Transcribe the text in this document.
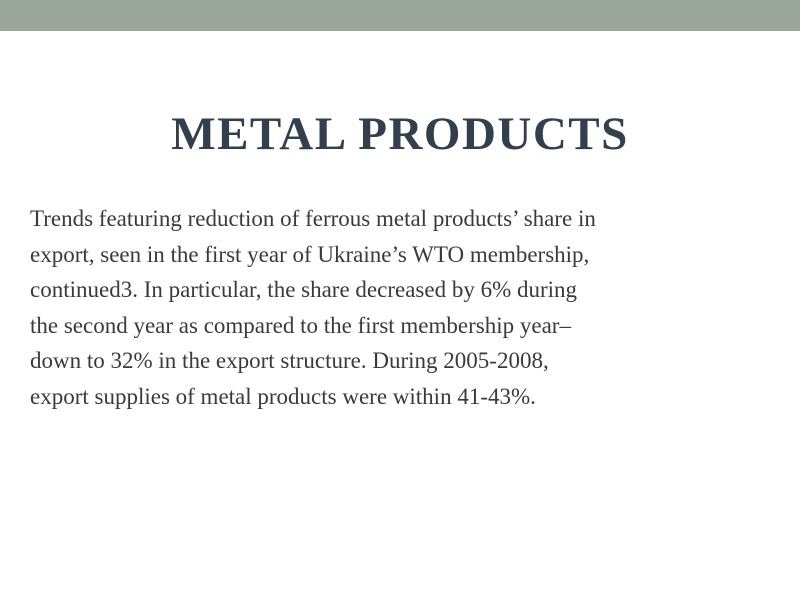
METAL PRODUCTS
Trends featuring reduction of ferrous metal products’ share in
export, seen in the first year of Ukraine’s WTO membership,
continued3. In particular, the share decreased by 6% during
the second year as compared to the first membership year–
down to 32% in the export structure. During 2005-2008,
export supplies of metal products were within 41-43%.
